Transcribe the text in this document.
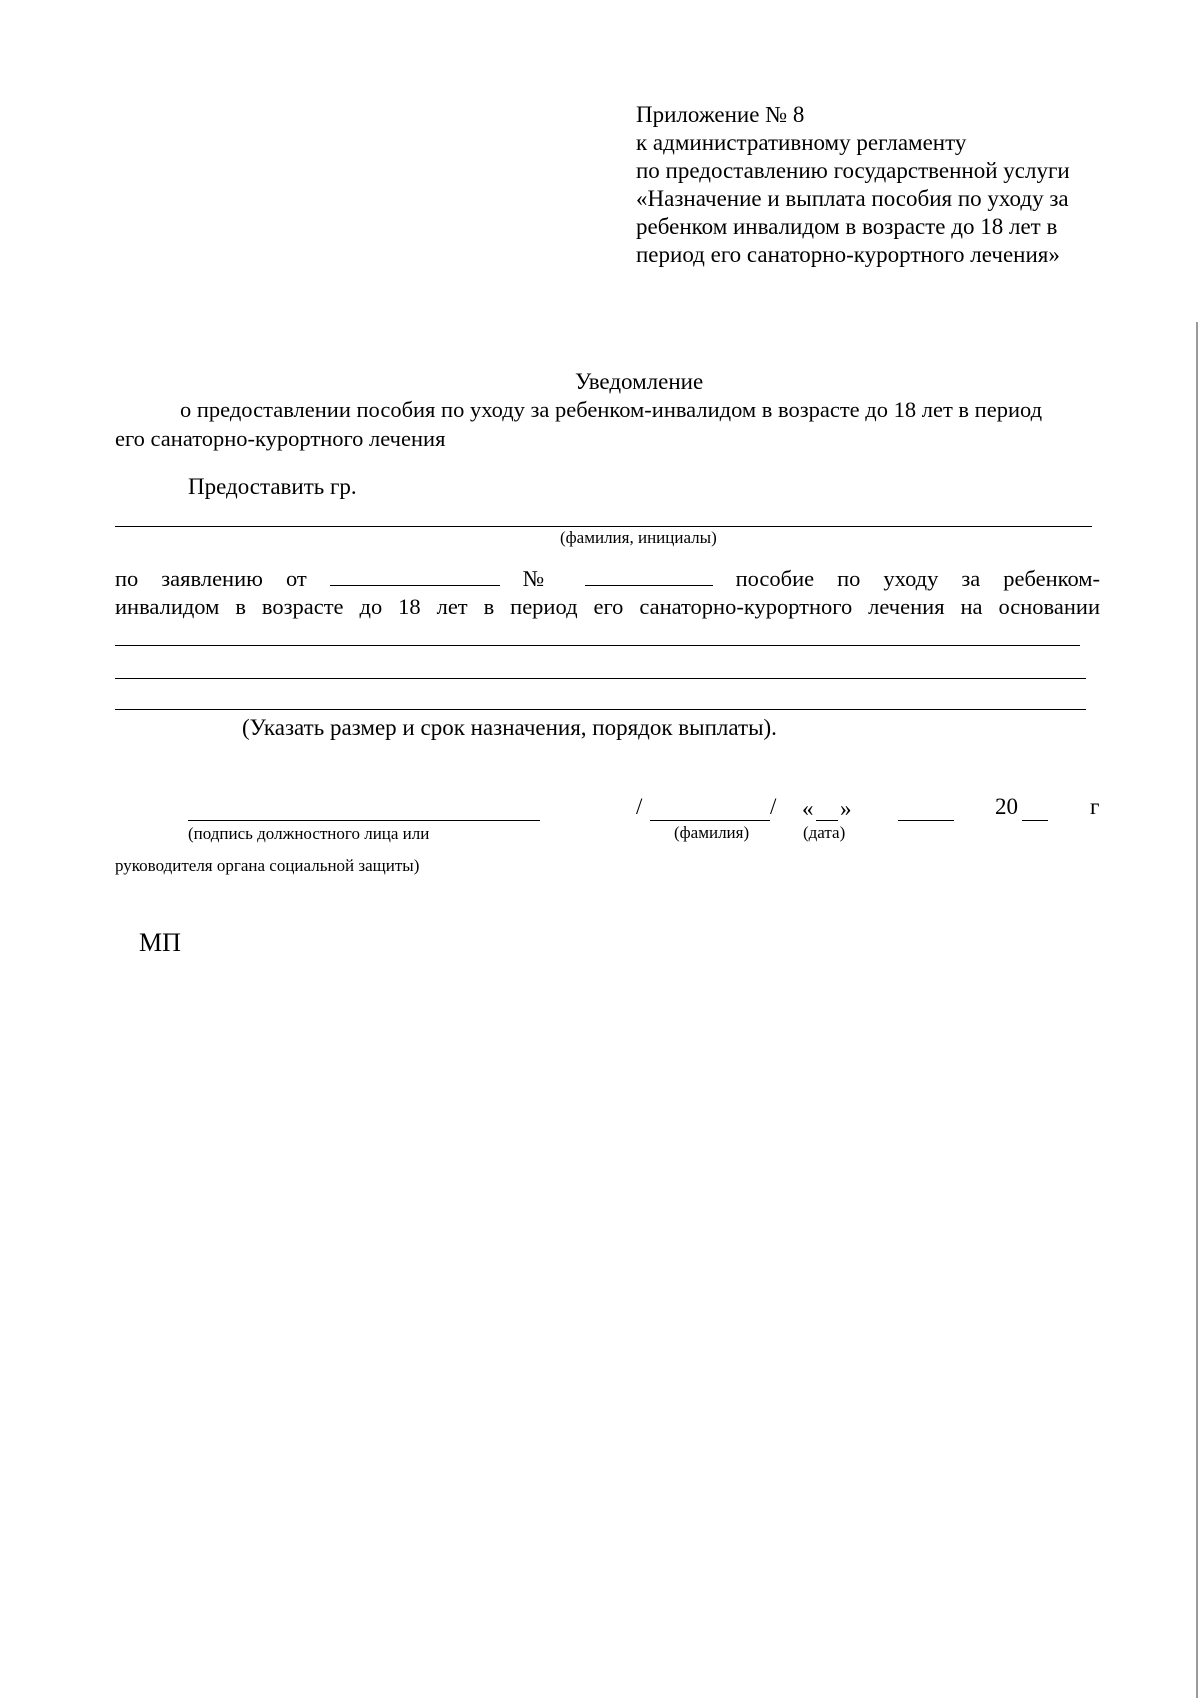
Приложение № 8
к административному регламенту
по предоставлению государственной услуги
«Назначение и выплата пособия по уходу за
ребенком инвалидом в возрасте до 18 лет в
период его санаторно-курортного лечения»
Уведомление
о предоставлении пособия по уходу за ребенком-инвалидом в возрасте до 18 лет в период
его санаторно-курортного лечения
Предоставить гр.
(фамилия, инициалы)
по заявлению от	№	пособие по уходу за ребенком-
инвалидом в возрасте до 18 лет в период его санаторно-курортного лечения на основании
(Указать размер и срок назначения, порядок выплаты).
/	/ « »	20	г
(подпись должностного лица или	(фамилия)	(дата)
руководителя органа социальной защиты)
МП
